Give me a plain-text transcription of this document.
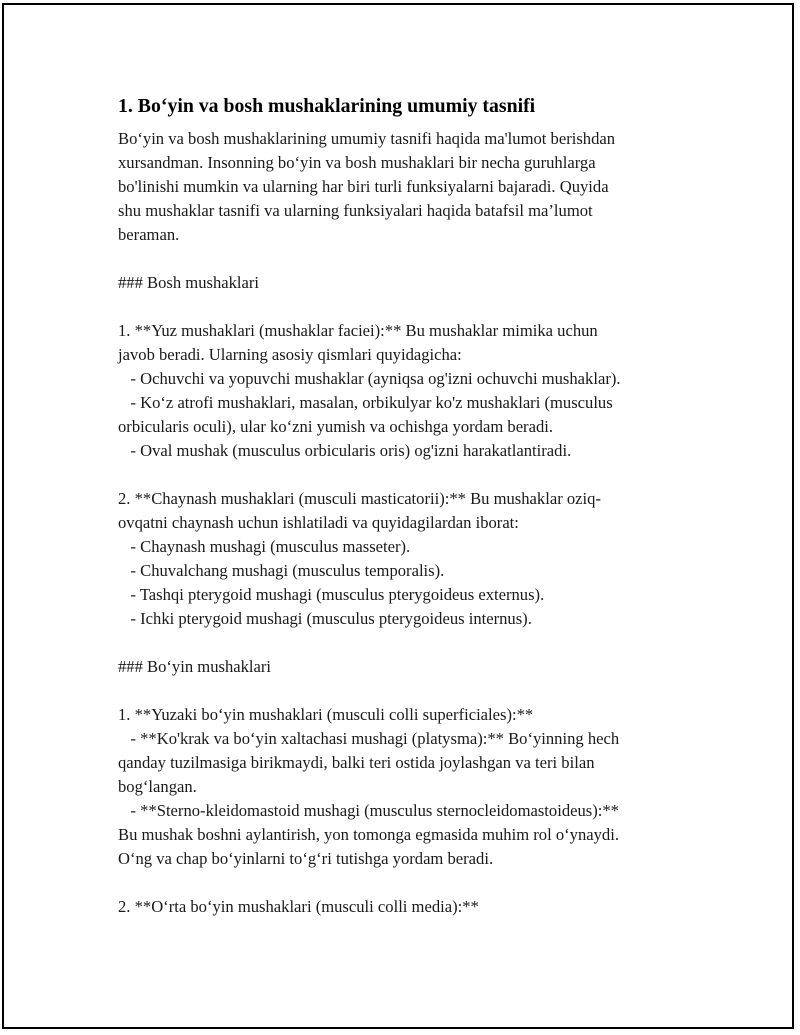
1. Bo‘yin va bosh mushaklarining umumiy tasnifi

Bo‘yin va bosh mushaklarining umumiy tasnifi haqida ma'lumot berishdan
xursandman. Insonning bo‘yin va bosh mushaklari bir necha guruhlarga
bo'linishi mumkin va ularning har biri turli funksiyalarni bajaradi. Quyida
shu mushaklar tasnifi va ularning funksiyalari haqida batafsil ma’lumot
beraman.

### Bosh mushaklari

1. **Yuz mushaklari (mushaklar faciei):** Bu mushaklar mimika uchun
javob beradi. Ularning asosiy qismlari quyidagicha:
- Ochuvchi va yopuvchi mushaklar (ayniqsa og'izni ochuvchi mushaklar).
- Ko‘z atrofi mushaklari, masalan, orbikulyar ko'z mushaklari (musculus
orbicularis oculi), ular ko‘zni yumish va ochishga yordam beradi.
- Oval mushak (musculus orbicularis oris) og'izni harakatlantiradi.

2. **Chaynash mushaklari (musculi masticatorii):** Bu mushaklar oziq-
ovqatni chaynash uchun ishlatiladi va quyidagilardan iborat:
- Chaynash mushagi (musculus masseter).
- Chuvalchang mushagi (musculus temporalis).
- Tashqi pterygoid mushagi (musculus pterygoideus externus).
- Ichki pterygoid mushagi (musculus pterygoideus internus).

### Bo‘yin mushaklari

1. **Yuzaki bo‘yin mushaklari (musculi colli superficiales):**
- **Ko'krak va bo‘yin xaltachasi mushagi (platysma):** Bo‘yinning hech
qanday tuzilmasiga birikmaydi, balki teri ostida joylashgan va teri bilan
bog‘langan.
- **Sterno-kleidomastoid mushagi (musculus sternocleidomastoideus):**
Bu mushak boshni aylantirish, yon tomonga egmasida muhim rol o‘ynaydi.
O‘ng va chap bo‘yinlarni to‘g‘ri tutishga yordam beradi.

2. **O‘rta bo‘yin mushaklari (musculi colli media):**
